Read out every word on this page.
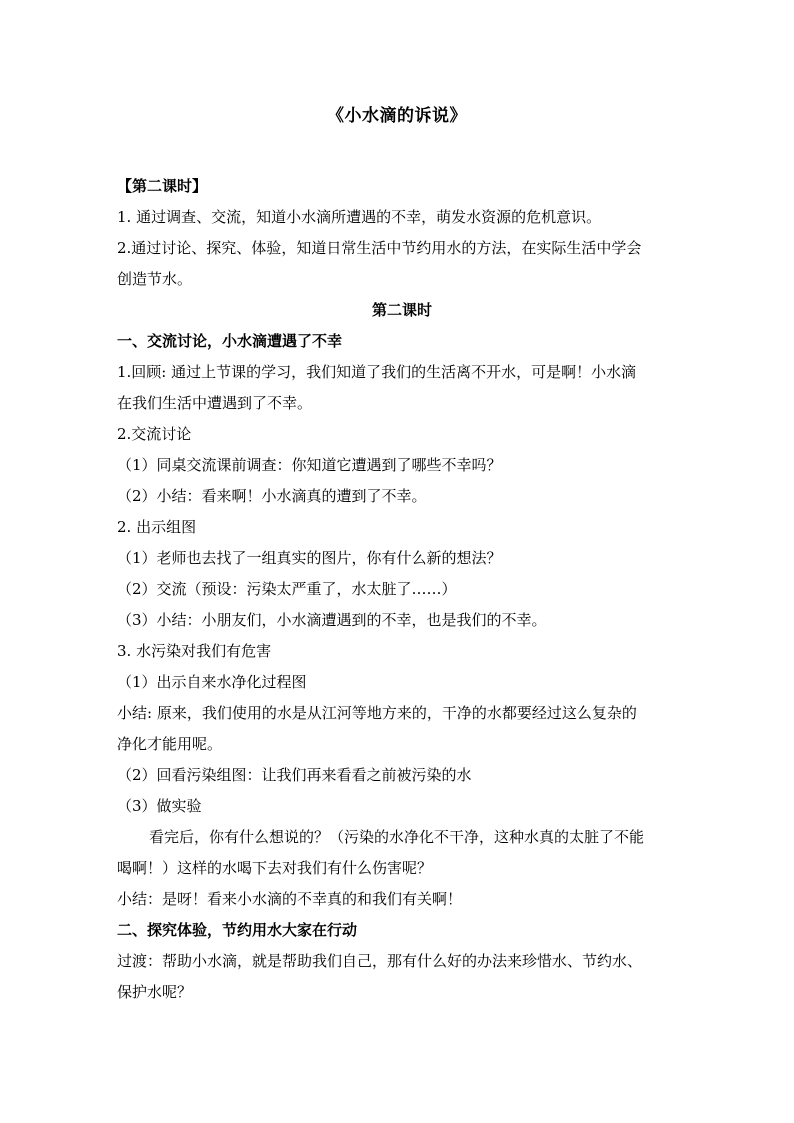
《小水滴的诉说》
【第二课时】
1. 通过调查、交流，知道小水滴所遭遇的不幸，萌发水资源的危机意识。
2.通过讨论、探究、体验，知道日常生活中节约用水的方法，在实际生活中学会
创造节水。
第二课时
一、交流讨论，小水滴遭遇了不幸
1.回顾: 通过上节课的学习，我们知道了我们的生活离不开水，可是啊！小水滴
在我们生活中遭遇到了不幸。
2.交流讨论
（1）同桌交流课前调查：你知道它遭遇到了哪些不幸吗？
（2）小结：看来啊！小水滴真的遭到了不幸。
2. 出示组图
（1）老师也去找了一组真实的图片，你有什么新的想法？
（2）交流（预设：污染太严重了，水太脏了……）
（3）小结：小朋友们，小水滴遭遇到的不幸，也是我们的不幸。
3. 水污染对我们有危害
（1）出示自来水净化过程图
小结: 原来，我们使用的水是从江河等地方来的，干净的水都要经过这么复杂的
净化才能用呢。
（2）回看污染组图：让我们再来看看之前被污染的水
（3）做实验
看完后，你有什么想说的？（污染的水净化不干净，这种水真的太脏了不能
喝啊！）这样的水喝下去对我们有什么伤害呢？
小结：是呀！看来小水滴的不幸真的和我们有关啊！
二、探究体验，节约用水大家在行动
过渡：帮助小水滴，就是帮助我们自己，那有什么好的办法来珍惜水、节约水、
保护水呢？
